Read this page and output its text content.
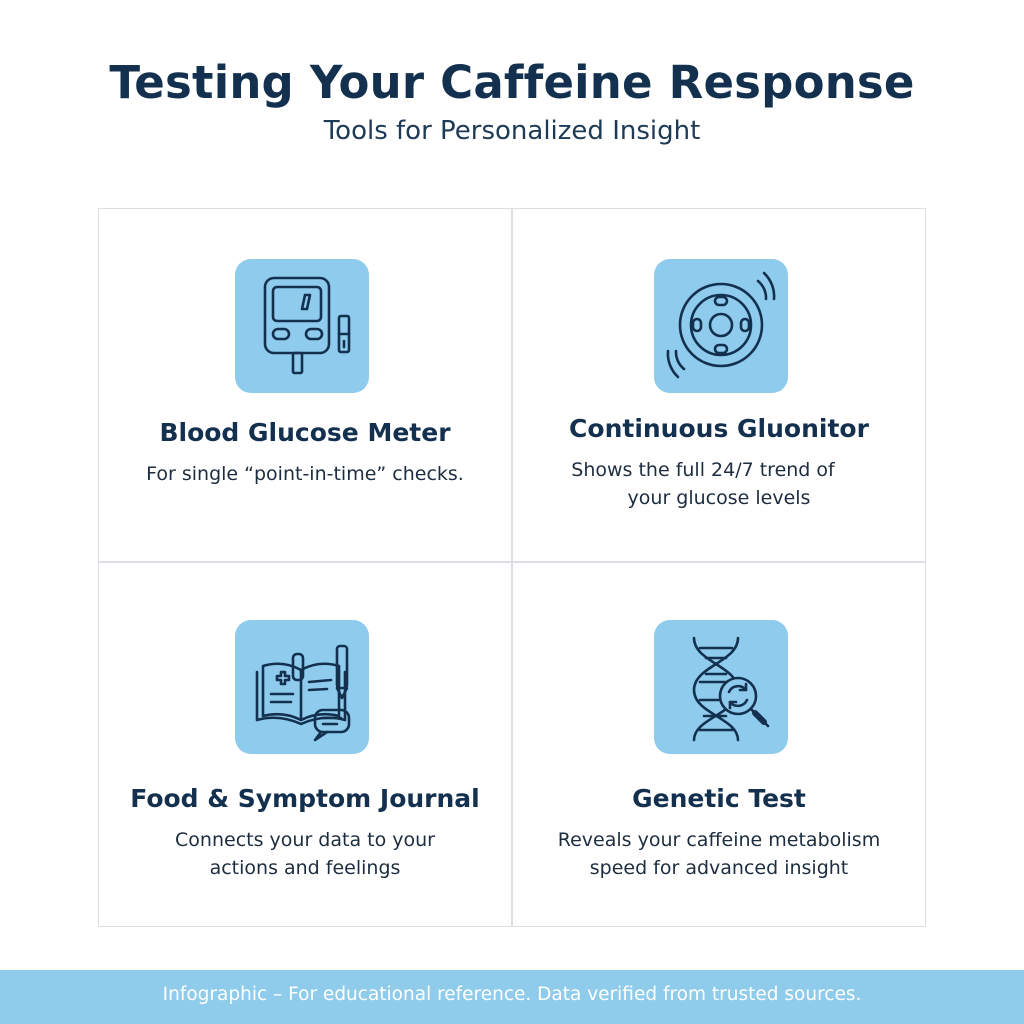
Testing Your Caffeine Response
Tools for Personalized Insight
Blood Glucose Meter
For single “point-in-time” checks.
Continuous Gluonitor
Shows the full 24/7 trend of
your glucose levels
Food & Symptom Journal
Connects your data to your
actions and feelings
Genetic Test
Reveals your caffeine metabolism
speed for advanced insight
Infographic – For educational reference. Data verified from trusted sources.
